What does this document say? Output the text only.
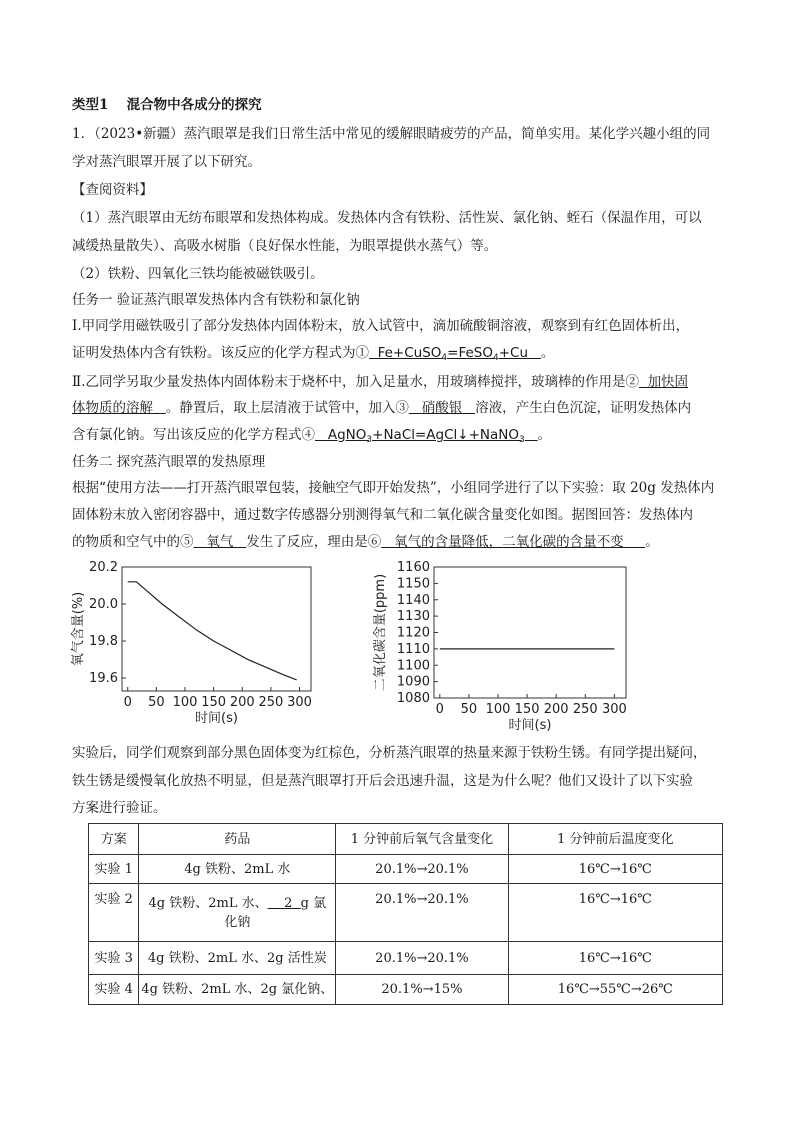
类型1　 混合物中各成分的探究
1．（2023•新疆）蒸汽眼罩是我们日常生活中常见的缓解眼睛疲劳的产品，简单实用。某化学兴趣小组的同
学对蒸汽眼罩开展了以下研究。
【查阅资料】
（1）蒸汽眼罩由无纺布眼罩和发热体构成。发热体内含有铁粉、活性炭、氯化钠、蛭石（保温作用，可以
减缓热量散失）、高吸水树脂（良好保水性能，为眼罩提供水蒸气）等。
（2）铁粉、四氧化三铁均能被磁铁吸引。
任务一 验证蒸汽眼罩发热体内含有铁粉和氯化钠
Ⅰ.甲同学用磁铁吸引了部分发热体内固体粉末，放入试管中，滴加硫酸铜溶液，观察到有红色固体析出，
证明发热体内含有铁粉。该反应的化学方程式为① Fe+CuSO$_4$=FeSO$_4$+Cu 。
Ⅱ.乙同学另取少量发热体内固体粉末于烧杯中，加入足量水，用玻璃棒搅拌，玻璃棒的作用是② 加快固
体物质的溶解 。静置后，取上层清液于试管中，加入③ 硝酸银 溶液，产生白色沉淀，证明发热体内
含有氯化钠。写出该反应的化学方程式④ AgNO$_3$+NaCl=AgCl↓+NaNO$_3$ 。
任务二 探究蒸汽眼罩的发热原理
根据“使用方法——打开蒸汽眼罩包装，接触空气即开始发热”，小组同学进行了以下实验：取 20g 发热体内
固体粉末放入密闭容器中，通过数字传感器分别测得氧气和二氧化碳含量变化如图。据图回答：发热体内
的物质和空气中的⑤ 氧气 发生了反应，理由是⑥ 氧气的含量降低，二氧化碳的含量不变 。
0 50 100 150 200 250 300
19.6
19.8
20.0
20.2
时间(s)
氧气含量(%)
0 50 100 150 200 250 300
1080
1090
1100
1110
1120
1130
1140
1150
1160
时间(s)
二氧化碳含量(ppm)
实验后，同学们观察到部分黑色固体变为红棕色，分析蒸汽眼罩的热量来源于铁粉生锈。有同学提出疑问，
铁生锈是缓慢氧化放热不明显，但是蒸汽眼罩打开后会迅速升温，这是为什么呢？他们又设计了以下实验
方案进行验证。
方案	药品	1 分钟前后氧气含量变化	1 分钟前后温度变化
实验 1	4g 铁粉、2mL 水	20.1%→20.1%	16℃→16℃
实验 2	4g 铁粉、2mL 水、 2 g 氯
化钠	20.1%→20.1%	16℃→16℃
实验 3	4g 铁粉、2mL 水、2g 活性炭	20.1%→20.1%	16℃→16℃
实验 4	4g 铁粉、2mL 水、2g 氯化钠、	20.1%→15%	16℃→55℃→26℃
